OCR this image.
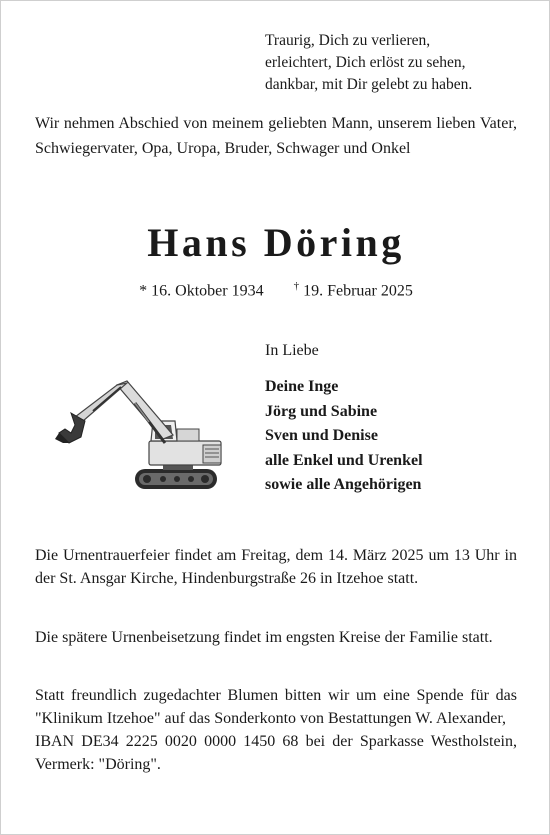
Traurig, Dich zu verlieren,
erleichtert, Dich erlöst zu sehen,
dankbar, mit Dir gelebt zu haben.
Wir nehmen Abschied von meinem geliebten Mann, unserem lieben Vater, Schwiegervater, Opa, Uropa, Bruder, Schwager und Onkel
Hans Döring
* 16. Oktober 1934	† 19. Februar 2025
In Liebe
Deine Inge
Jörg und Sabine
Sven und Denise
alle Enkel und Urenkel
sowie alle Angehörigen
Die Urnentrauerfeier findet am Freitag, dem 14. März 2025 um 13 Uhr in der St. Ansgar Kirche, Hindenburgstraße 26 in Itzehoe statt.
Die spätere Urnenbeisetzung findet im engsten Kreise der Familie statt.
Statt freundlich zugedachter Blumen bitten wir um eine Spende für das "Klinikum Itzehoe" auf das Sonderkonto von Bestattungen W. Alexander,
IBAN DE34 2225 0020 0000 1450 68 bei der Sparkasse Westholstein, Vermerk: "Döring".
